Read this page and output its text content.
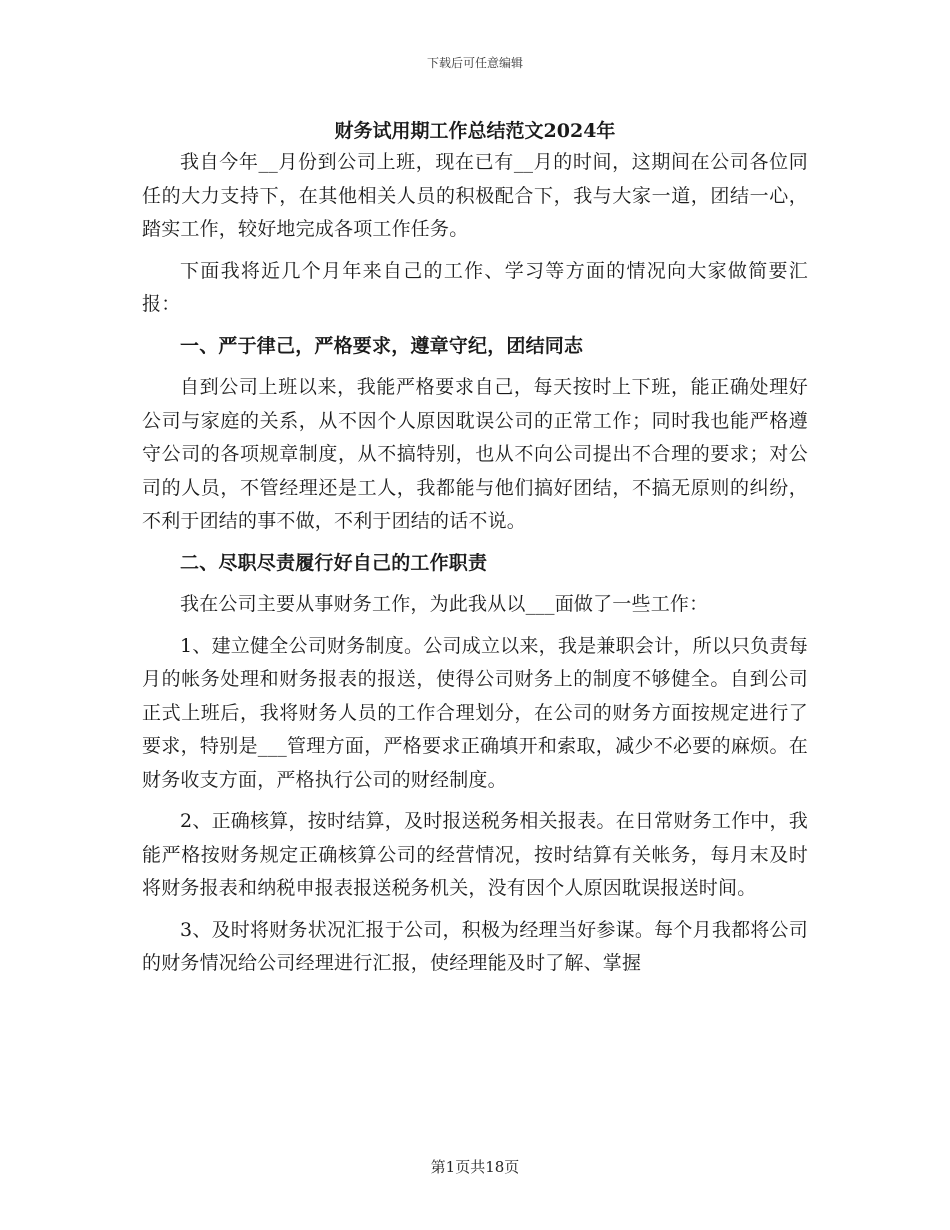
下载后可任意编辑
财务试用期工作总结范文2024年

我自今年__月份到公司上班，现在已有__月的时间，这期间在公司各位同任的大力支持下，在其他相关人员的积极配合下，我与大家一道，团结一心，踏实工作，较好地完成各项工作任务。

下面我将近几个月年来自己的工作、学习等方面的情况向大家做简要汇报：

一、严于律己，严格要求，遵章守纪，团结同志

自到公司上班以来，我能严格要求自己，每天按时上下班，能正确处理好公司与家庭的关系，从不因个人原因耽误公司的正常工作；同时我也能严格遵守公司的各项规章制度，从不搞特别，也从不向公司提出不合理的要求；对公司的人员，不管经理还是工人，我都能与他们搞好团结，不搞无原则的纠纷，不利于团结的事不做，不利于团结的话不说。

二、尽职尽责履行好自己的工作职责

我在公司主要从事财务工作，为此我从以___面做了一些工作：

1、建立健全公司财务制度。公司成立以来，我是兼职会计，所以只负责每月的帐务处理和财务报表的报送，使得公司财务上的制度不够健全。自到公司正式上班后，我将财务人员的工作合理划分，在公司的财务方面按规定进行了要求，特别是___管理方面，严格要求正确填开和索取，减少不必要的麻烦。在财务收支方面，严格执行公司的财经制度。

2、正确核算，按时结算，及时报送税务相关报表。在日常财务工作中，我能严格按财务规定正确核算公司的经营情况，按时结算有关帐务，每月末及时将财务报表和纳税申报表报送税务机关，没有因个人原因耽误报送时间。

3、及时将财务状况汇报于公司，积极为经理当好参谋。每个月我都将公司的财务情况给公司经理进行汇报，使经理能及时了解、掌握

第1页共18页
